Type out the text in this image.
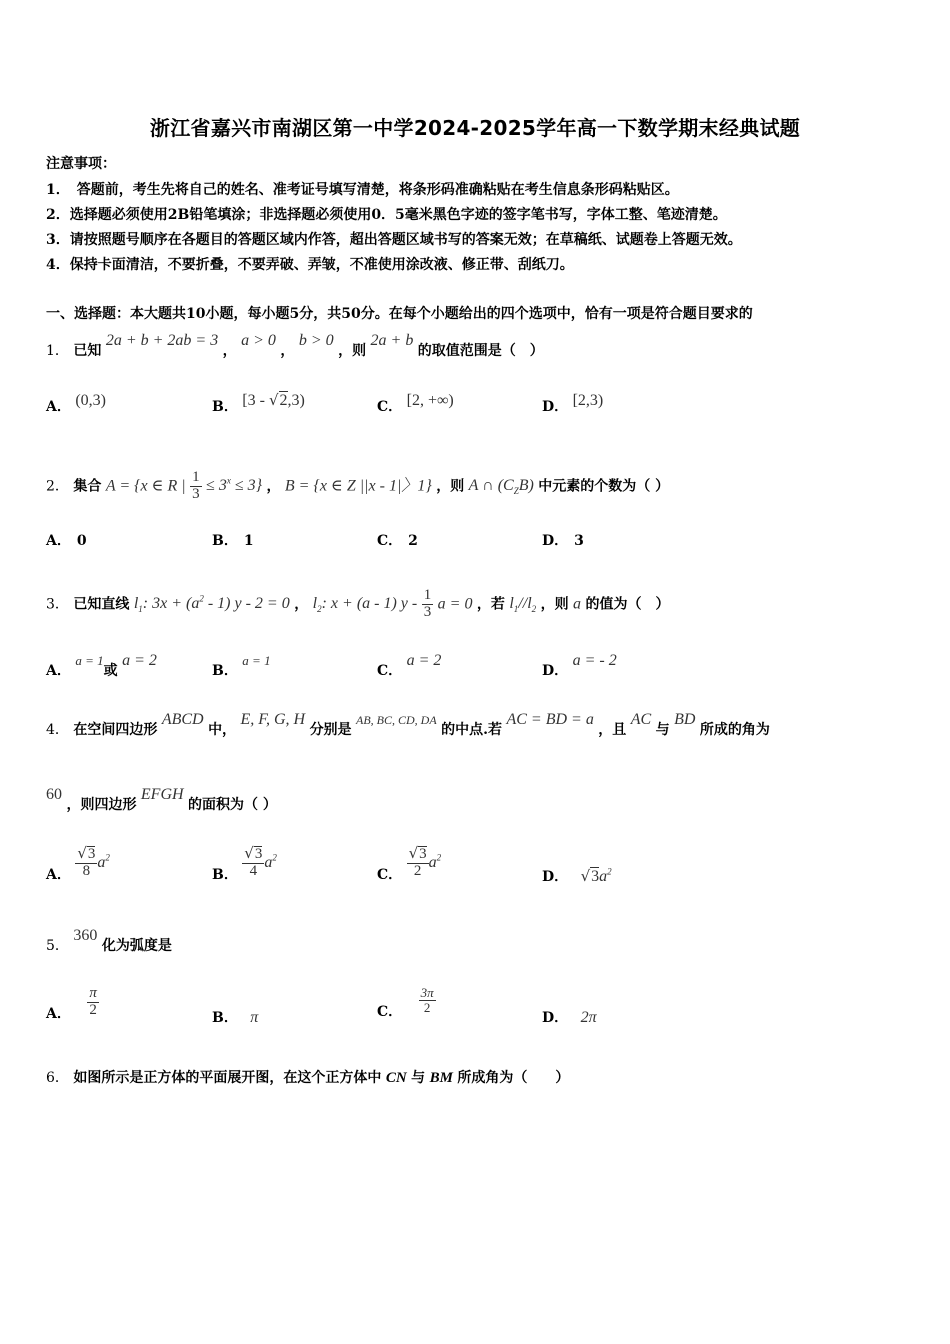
浙江省嘉兴市南湖区第一中学2024-2025学年高一下数学期末经典试题
注意事项：
1．　答题前，考生先将自己的姓名、准考证号填写清楚，将条形码准确粘贴在考生信息条形码粘贴区。
2．选择题必须使用2B铅笔填涂；非选择题必须使用0．5毫米黑色字迹的签字笔书写，字体工整、笔迹清楚。
3．请按照题号顺序在各题目的答题区域内作答，超出答题区域书写的答案无效；在草稿纸、试题卷上答题无效。
4．保持卡面清洁，不要折叠，不要弄破、弄皱，不准使用涂改液、修正带、刮纸刀。
一、选择题：本大题共10小题，每小题5分，共50分。在每个小题给出的四个选项中，恰有一项是符合题目要求的
1． 已知 2a + b + 2ab = 3 ， a > 0 ， b > 0 ，则 2a + b 的取值范围是（　）
A． (0,3)	B． [3 - √2,3)	C． [2, +∞)	D． [2,3)
2． 集合 A = {x ∈ R | $\frac{1}{3} \le 3^x \le 3$} ， B = {x ∈ Z ||x - 1|〉1} ，则 A ∩ $(C_ZB)$ 中元素的个数为（ ）
A． 0	B． 1	C． 2	D． 3
3． 已知直线 $l_1$: $3x + (a^2 - 1)$ y - 2 = 0 ， $l_2$: x + (a - 1) y - $\frac{1}{3}$ a = 0 ，若 $l_1//l_2$ ，则 a 的值为（　）
A． a = 1或 a = 2
B． a = 1
C． a = 2
D． a = - 2
4． 在空间四边形 ABCD 中， E, F, G, H 分别是 AB, BC, CD, DA 的中点.若 AC = BD = a ，且 AC 与 BD 所成的角为
60 ，则四边形 EFGH 的面积为（ ）
A． $\frac{√3}{8} a^2$
B． $\frac{√3}{4} a^2$
C． $\frac{√3}{2} a^2$
D． $√3a^2$
5． 360 化为弧度是
A． $\frac{\pi}{2}$	B． π	C． $\frac{3\pi}{2}$
D． 2π
6． 如图所示是正方体的平面展开图，在这个正方体中 CN 与 BM 所成角为（　　）
